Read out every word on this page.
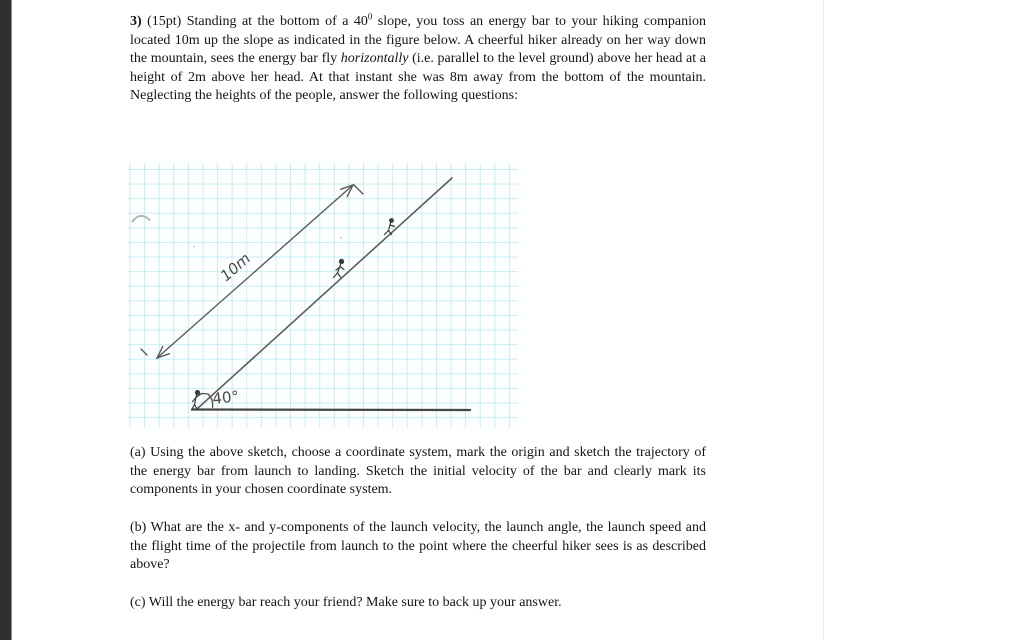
3) (15pt) Standing at the bottom of a $40^0$ slope, you toss an energy bar to your hiking companion located 10m up the slope as indicated in the figure below. A cheerful hiker already on her way down the mountain, sees the energy bar fly horizontally (i.e. parallel to the level ground) above her head at a height of 2m above her head. At that instant she was 8m away from the bottom of the mountain. Neglecting the heights of the people, answer the following questions:
10m
40°
(a) Using the above sketch, choose a coordinate system, mark the origin and sketch the trajectory of the energy bar from launch to landing. Sketch the initial velocity of the bar and clearly mark its components in your chosen coordinate system.
(b) What are the x- and y-components of the launch velocity, the launch angle, the launch speed and the flight time of the projectile from launch to the point where the cheerful hiker sees is as described above?
(c) Will the energy bar reach your friend? Make sure to back up your answer.
